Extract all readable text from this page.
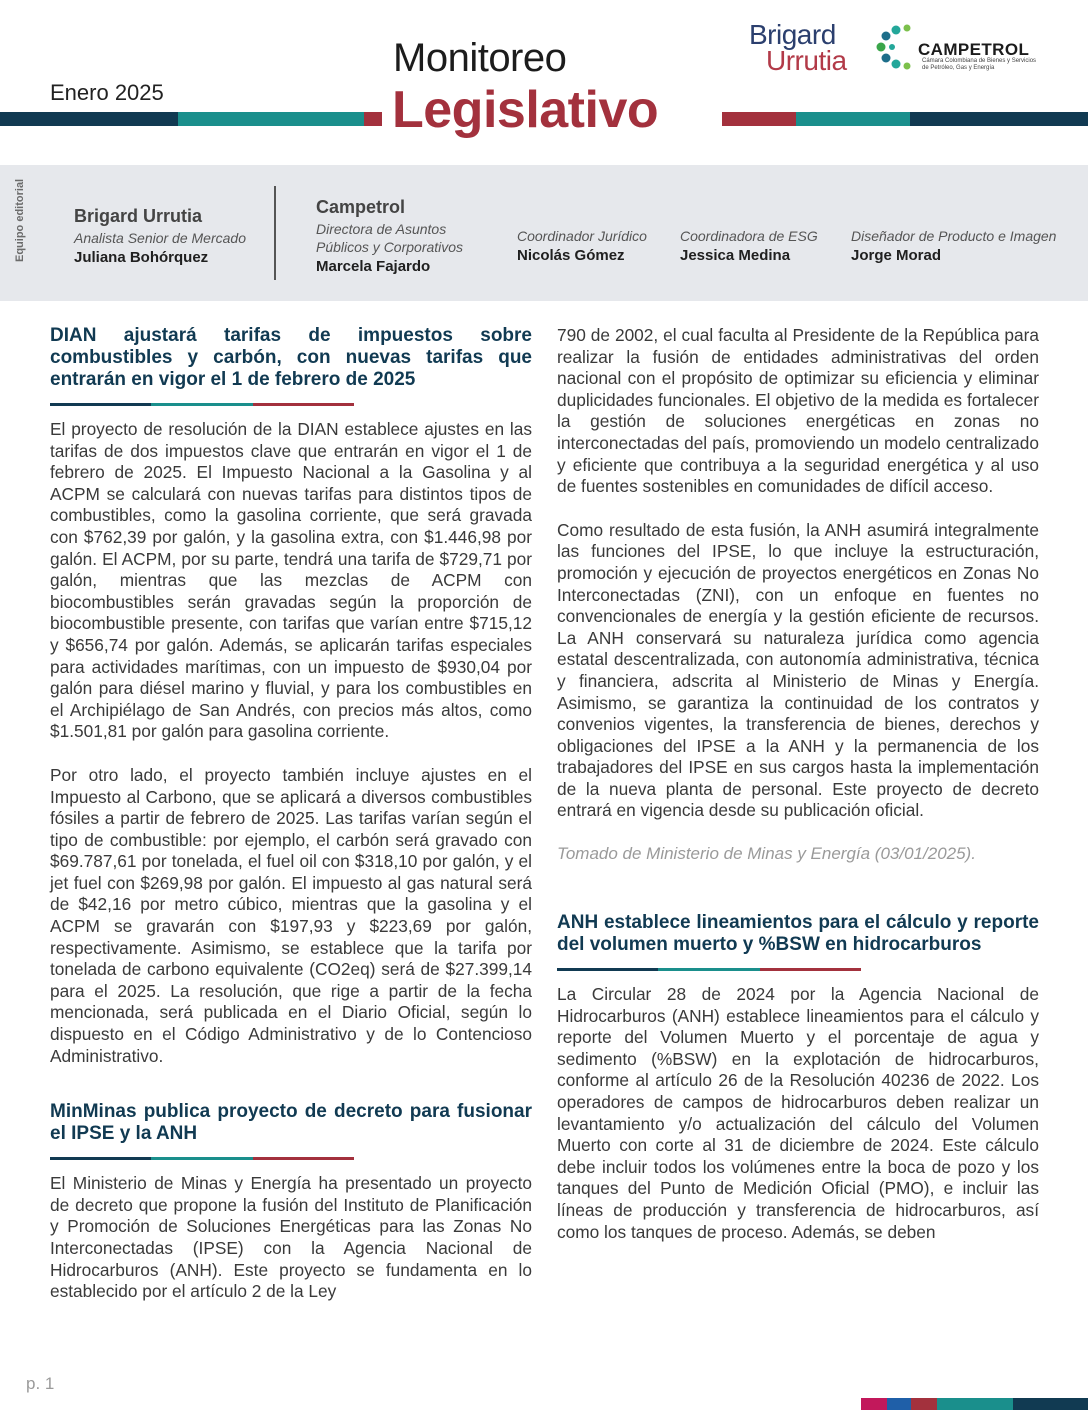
Enero 2025
Monitoreo
Legislativo
Brigard
Urrutia	CAMPETROL
Cámara Colombiana de Bienes y Servicios de Petróleo, Gas y Energía
Equipo editorial	Brigard Urrutia
Analista Senior de Mercado
Juliana Bohórquez
Campetrol
Directora de Asuntos Públicos y Corporativos
Marcela Fajardo
Coordinador Jurídico
Nicolás Gómez
Coordinadora de ESG
Jessica Medina
Diseñador de Producto e Imagen
Jorge Morad
DIAN ajustará tarifas de impuestos sobre combustibles y carbón, con nuevas tarifas que entrarán en vigor el 1 de febrero de 2025
El proyecto de resolución de la DIAN establece ajustes en las tarifas de dos impuestos clave que entrarán en vigor el 1 de febrero de 2025. El Impuesto Nacional a la Gasolina y al ACPM se calculará con nuevas tarifas para distintos tipos de combustibles, como la gasolina corriente, que será gravada con $762,39 por galón, y la gasolina extra, con $1.446,98 por galón. El ACPM, por su parte, tendrá una tarifa de $729,71 por galón, mientras que las mezclas de ACPM con biocombustibles serán gravadas según la proporción de biocombustible presente, con tarifas que varían entre $715,12 y $656,74 por galón. Además, se aplicarán tarifas especiales para actividades marítimas, con un impuesto de $930,04 por galón para diésel marino y fluvial, y para los combustibles en el Archipiélago de San Andrés, con precios más altos, como $1.501,81 por galón para gasolina corriente.
Por otro lado, el proyecto también incluye ajustes en el Impuesto al Carbono, que se aplicará a diversos combustibles fósiles a partir de febrero de 2025. Las tarifas varían según el tipo de combustible: por ejemplo, el carbón será gravado con $69.787,61 por tonelada, el fuel oil con $318,10 por galón, y el jet fuel con $269,98 por galón. El impuesto al gas natural será de $42,16 por metro cúbico, mientras que la gasolina y el ACPM se gravarán con $197,93 y $223,69 por galón, respectivamente. Asimismo, se establece que la tarifa por tonelada de carbono equivalente (CO2eq) será de $27.399,14 para el 2025. La resolución, que rige a partir de la fecha mencionada, será publicada en el Diario Oficial, según lo dispuesto en el Código Administrativo y de lo Contencioso Administrativo.
MinMinas publica proyecto de decreto para fusionar el IPSE y la ANH
El Ministerio de Minas y Energía ha presentado un proyecto de decreto que propone la fusión del Instituto de Planificación y Promoción de Soluciones Energéticas para las Zonas No Interconectadas (IPSE) con la Agencia Nacional de Hidrocarburos (ANH). Este proyecto se fundamenta en lo establecido por el artículo 2 de la Ley
790 de 2002, el cual faculta al Presidente de la República para realizar la fusión de entidades administrativas del orden nacional con el propósito de optimizar su eficiencia y eliminar duplicidades funcionales. El objetivo de la medida es fortalecer la gestión de soluciones energéticas en zonas no interconectadas del país, promoviendo un modelo centralizado y eficiente que contribuya a la seguridad energética y al uso de fuentes sostenibles en comunidades de difícil acceso.
Como resultado de esta fusión, la ANH asumirá integralmente las funciones del IPSE, lo que incluye la estructuración, promoción y ejecución de proyectos energéticos en Zonas No Interconectadas (ZNI), con un enfoque en fuentes no convencionales de energía y la gestión eficiente de recursos. La ANH conservará su naturaleza jurídica como agencia estatal descentralizada, con autonomía administrativa, técnica y financiera, adscrita al Ministerio de Minas y Energía. Asimismo, se garantiza la continuidad de los contratos y convenios vigentes, la transferencia de bienes, derechos y obligaciones del IPSE a la ANH y la permanencia de los trabajadores del IPSE en sus cargos hasta la implementación de la nueva planta de personal. Este proyecto de decreto entrará en vigencia desde su publicación oficial.
Tomado de Ministerio de Minas y Energía (03/01/2025).
ANH establece lineamientos para el cálculo y reporte del volumen muerto y %BSW en hidrocarburos
La Circular 28 de 2024 por la Agencia Nacional de Hidrocarburos (ANH) establece lineamientos para el cálculo y reporte del Volumen Muerto y el porcentaje de agua y sedimento (%BSW) en la explotación de hidrocarburos, conforme al artículo 26 de la Resolución 40236 de 2022. Los operadores de campos de hidrocarburos deben realizar un levantamiento y/o actualización del cálculo del Volumen Muerto con corte al 31 de diciembre de 2024. Este cálculo debe incluir todos los volúmenes entre la boca de pozo y los tanques del Punto de Medición Oficial (PMO), e incluir las líneas de producción y transferencia de hidrocarburos, así como los tanques de proceso. Además, se deben
p. 1
